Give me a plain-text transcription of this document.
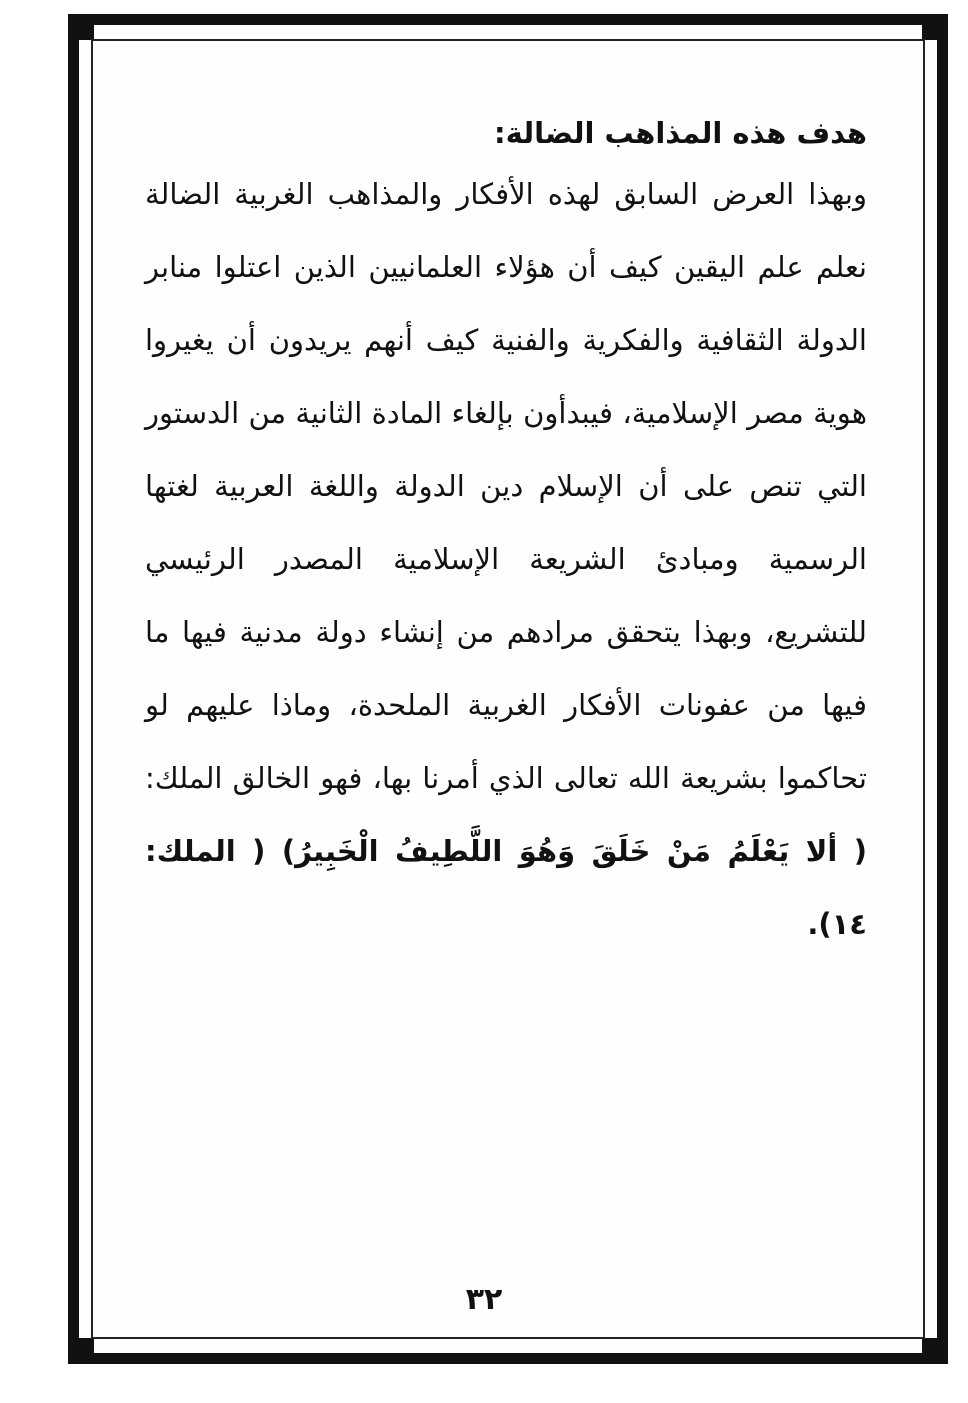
هدف هذه المذاهب الضالة:

وبهذا العرض السابق لهذه الأفكار والمذاهب الغربية الضالة نعلم علم اليقين كيف أن هؤلاء العلمانيين الذين اعتلوا منابر الدولة الثقافية والفكرية والفنية كيف أنهم يريدون أن يغيروا هوية مصر الإسلامية، فيبدأون بإلغاء المادة الثانية من الدستور التي تنص على أن الإسلام دين الدولة واللغة العربية لغتها الرسمية ومبادئ الشريعة الإسلامية المصدر الرئيسي للتشريع، وبهذا يتحقق مرادهم من إنشاء دولة مدنية فيها ما فيها من عفونات الأفكار الغربية الملحدة، وماذا عليهم لو تحاكموا بشريعة الله تعالى الذي أمرنا بها، فهو الخالق الملك: ( ألا يَعْلَمُ مَنْ خَلَقَ وَهُوَ اللَّطِيفُ الْخَبِيرُ) ( الملك: ١٤).

٣٢
